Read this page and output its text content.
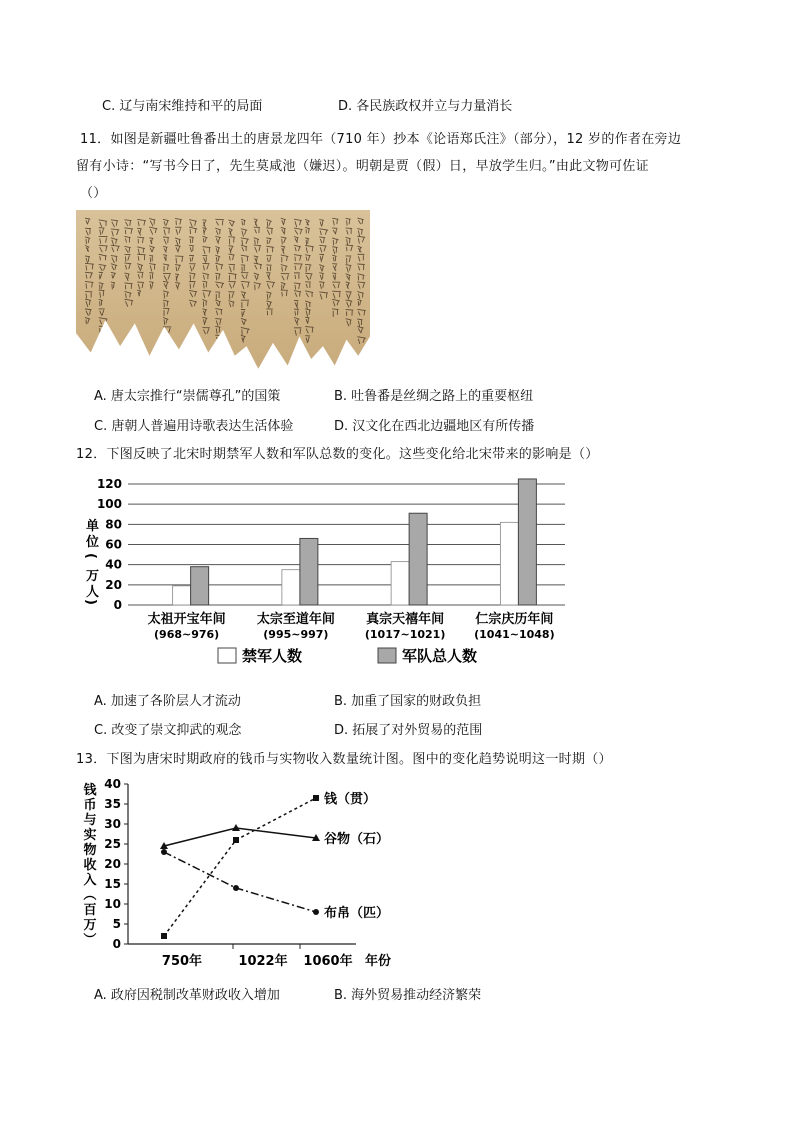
C. 辽与南宋维持和平的局面	D. 各民族政权并立与力量消长
11．如图是新疆吐鲁番出土的唐景龙四年（710 年）抄本《论语郑氏注》（部分），12 岁的作者在旁边
留有小诗：“写书今日了，先生莫咸池（嫌迟）。明朝是贾（假）日，早放学生归。”由此文物可佐证
（）
A. 唐太宗推行“崇儒尊孔”的国策	B. 吐鲁番是丝绸之路上的重要枢纽
C. 唐朝人普遍用诗歌表达生活体验	D. 汉文化在西北边疆地区有所传播
12．下图反映了北宋时期禁军人数和军队总数的变化。这些变化给北宋带来的影响是（）
0
20
40
60
80
100
120
单
位
(
万
人
)
太祖开宝年间
(968~976)
太宗至道年间
(995~997)
真宗天禧年间
(1017~1021)
仁宗庆历年间
(1041~1048)
禁军人数	军队总人数
A. 加速了各阶层人才流动	B. 加重了国家的财政负担
C. 改变了崇文抑武的观念	D. 拓展了对外贸易的范围
13．下图为唐宋时期政府的钱币与实物收入数量统计图。图中的变化趋势说明这一时期（）
钱
币
与
实
物
收
入
（
百
万
） 0
5
10
15
20
25
30
35
40
钱（贯）
谷物（石）
布帛（匹）
750年	1022年 1060年 年份
A. 政府因税制改革财政收入增加	B. 海外贸易推动经济繁荣
